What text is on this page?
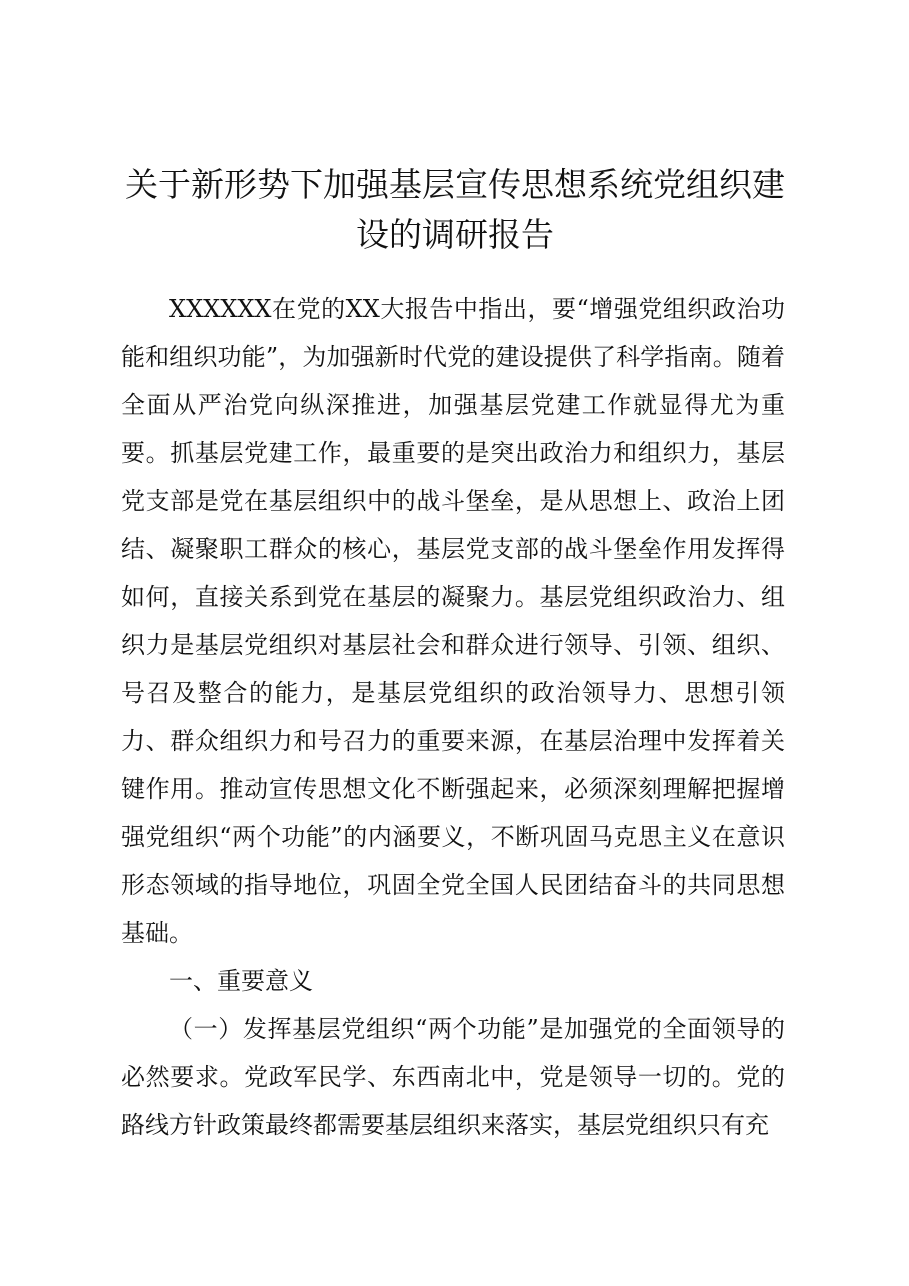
关于新形势下加强基层宣传思想系统党组织建设的调研报告

XXXXXX在党的XX大报告中指出，要“增强党组织政治功能和组织功能”，为加强新时代党的建设提供了科学指南。随着全面从严治党向纵深推进，加强基层党建工作就显得尤为重要。抓基层党建工作，最重要的是突出政治力和组织力，基层党支部是党在基层组织中的战斗堡垒，是从思想上、政治上团结、凝聚职工群众的核心，基层党支部的战斗堡垒作用发挥得如何，直接关系到党在基层的凝聚力。基层党组织政治力、组织力是基层党组织对基层社会和群众进行领导、引领、组织、号召及整合的能力，是基层党组织的政治领导力、思想引领力、群众组织力和号召力的重要来源，在基层治理中发挥着关键作用。推动宣传思想文化不断强起来，必须深刻理解把握增强党组织“两个功能”的内涵要义，不断巩固马克思主义在意识形态领域的指导地位，巩固全党全国人民团结奋斗的共同思想基础。

一、重要意义

（一）发挥基层党组织“两个功能”是加强党的全面领导的必然要求。党政军民学、东西南北中，党是领导一切的。党的路线方针政策最终都需要基层组织来落实，基层党组织只有充
